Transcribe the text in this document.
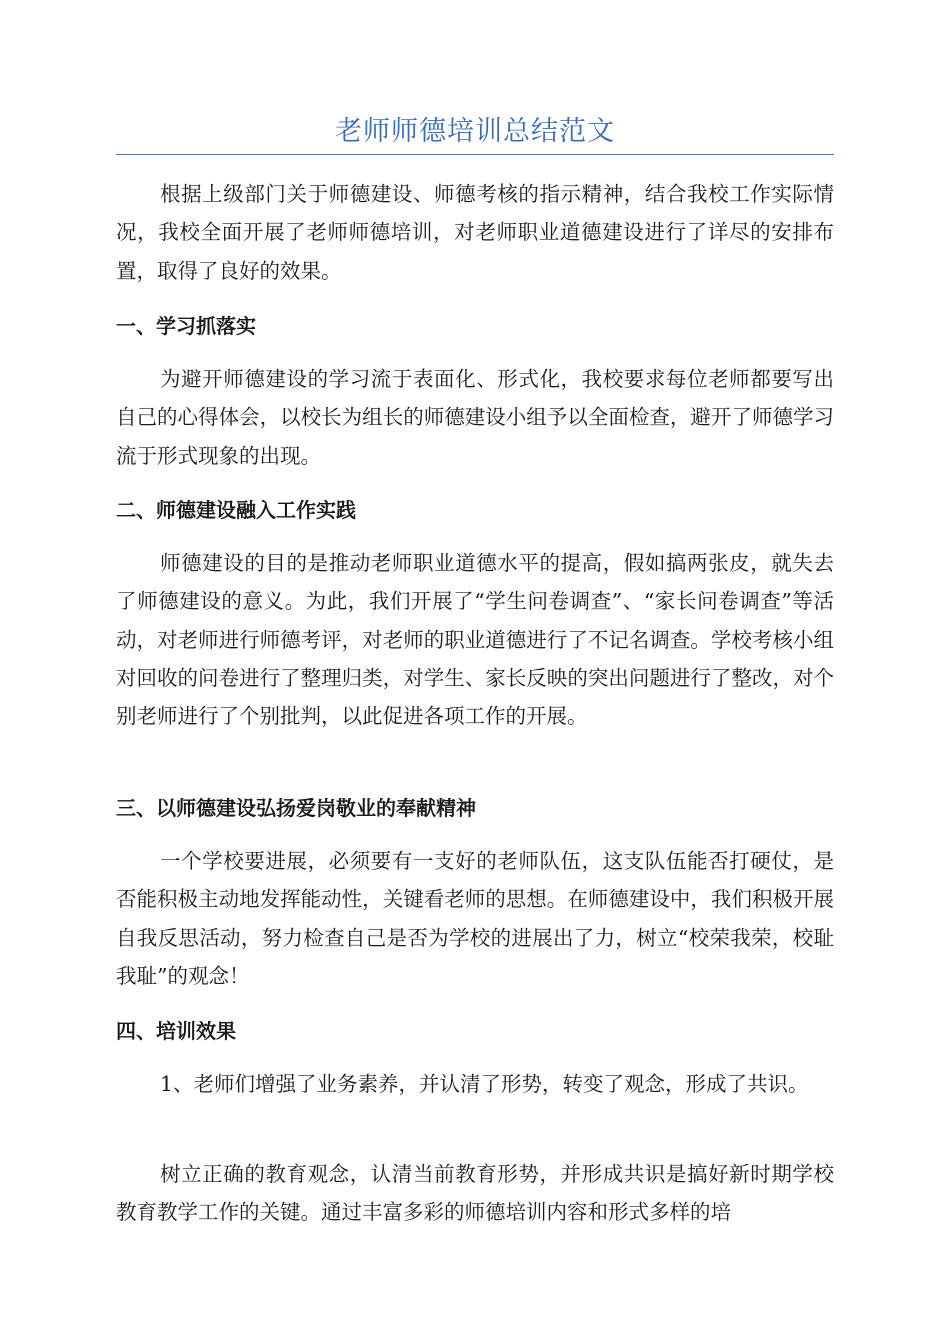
老师师德培训总结范文

根据上级部门关于师德建设、师德考核的指示精神，结合我校工作实际情况，我校全面开展了老师师德培训，对老师职业道德建设进行了详尽的安排布置，取得了良好的效果。

一、学习抓落实

为避开师德建设的学习流于表面化、形式化，我校要求每位老师都要写出自己的心得体会，以校长为组长的师德建设小组予以全面检查，避开了师德学习流于形式现象的出现。

二、师德建设融入工作实践

师德建设的目的是推动老师职业道德水平的提高，假如搞两张皮，就失去了师德建设的意义。为此，我们开展了“学生问卷调查”、“家长问卷调查”等活动，对老师进行师德考评，对老师的职业道德进行了不记名调查。学校考核小组对回收的问卷进行了整理归类，对学生、家长反映的突出问题进行了整改，对个别老师进行了个别批判，以此促进各项工作的开展。

三、以师德建设弘扬爱岗敬业的奉献精神

一个学校要进展，必须要有一支好的老师队伍，这支队伍能否打硬仗，是否能积极主动地发挥能动性，关键看老师的思想。在师德建设中，我们积极开展自我反思活动，努力检查自己是否为学校的进展出了力，树立“校荣我荣，校耻我耻”的观念！

四、培训效果

1、老师们增强了业务素养，并认清了形势，转变了观念，形成了共识。

树立正确的教育观念，认清当前教育形势，并形成共识是搞好新时期学校教育教学工作的关键。通过丰富多彩的师德培训内容和形式多样的培
